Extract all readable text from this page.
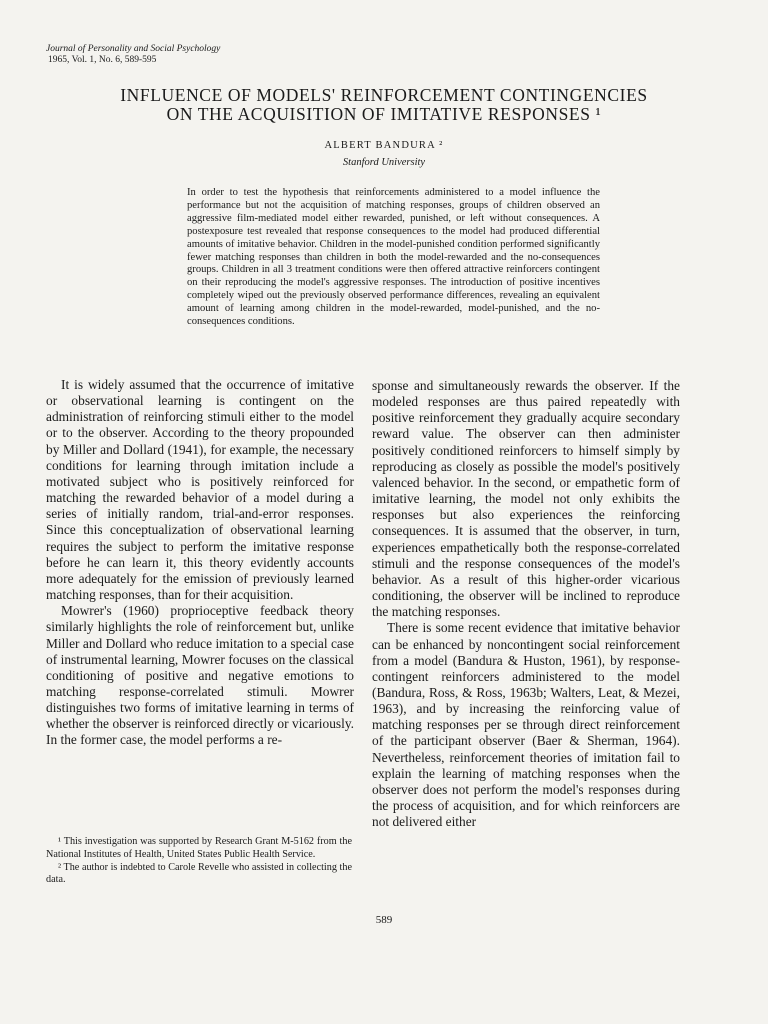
Journal of Personality and Social Psychology
1965, Vol. 1, No. 6, 589-595
INFLUENCE OF MODELS' REINFORCEMENT CONTINGENCIES
ON THE ACQUISITION OF IMITATIVE RESPONSES ¹
ALBERT BANDURA ²
Stanford University

In order to test the hypothesis that reinforcements administered to a model influence the performance but not the acquisition of matching responses, groups of children observed an aggressive film-mediated model either rewarded, punished, or left without consequences. A postexposure test revealed that response consequences to the model had produced differential amounts of imitative behavior. Children in the model-punished condition performed significantly fewer matching responses than children in both the model-rewarded and the no-consequences groups. Children in all 3 treatment conditions were then offered attractive reinforcers contingent on their reproducing the model's aggressive responses. The introduction of positive incentives completely wiped out the previously observed performance differences, revealing an equivalent amount of learning among children in the model-rewarded, model-punished, and the no-consequences conditions.

It is widely assumed that the occurrence of imitative or observational learning is contingent on the administration of reinforcing stimuli either to the model or to the observer. According to the theory propounded by Miller and Dollard (1941), for example, the necessary conditions for learning through imitation include a motivated subject who is positively reinforced for matching the rewarded behavior of a model during a series of initially random, trial-and-error responses. Since this conceptualization of observational learning requires the subject to perform the imitative response before he can learn it, this theory evidently accounts more adequately for the emission of previously learned matching responses, than for their acquisition.

Mowrer's (1960) proprioceptive feedback theory similarly highlights the role of reinforcement but, unlike Miller and Dollard who reduce imitation to a special case of instrumental learning, Mowrer focuses on the classical conditioning of positive and negative emotions to matching response-correlated stimuli. Mowrer distinguishes two forms of imitative learning in terms of whether the observer is reinforced directly or vicariously. In the former case, the model performs a re-

sponse and simultaneously rewards the observer. If the modeled responses are thus paired repeatedly with positive reinforcement they gradually acquire secondary reward value. The observer can then administer positively conditioned reinforcers to himself simply by reproducing as closely as possible the model's positively valenced behavior. In the second, or empathetic form of imitative learning, the model not only exhibits the responses but also experiences the reinforcing consequences. It is assumed that the observer, in turn, experiences empathetically both the response-correlated stimuli and the response consequences of the model's behavior. As a result of this higher-order vicarious conditioning, the observer will be inclined to reproduce the matching responses.

There is some recent evidence that imitative behavior can be enhanced by noncontingent social reinforcement from a model (Bandura & Huston, 1961), by response-contingent reinforcers administered to the model (Bandura, Ross, & Ross, 1963b; Walters, Leat, & Mezei, 1963), and by increasing the reinforcing value of matching responses per se through direct reinforcement of the participant observer (Baer & Sherman, 1964). Nevertheless, reinforcement theories of imitation fail to explain the learning of matching responses when the observer does not perform the model's responses during the process of acquisition, and for which reinforcers are not delivered either

¹ This investigation was supported by Research Grant M-5162 from the National Institutes of Health, United States Public Health Service.

² The author is indebted to Carole Revelle who assisted in collecting the data.

589
